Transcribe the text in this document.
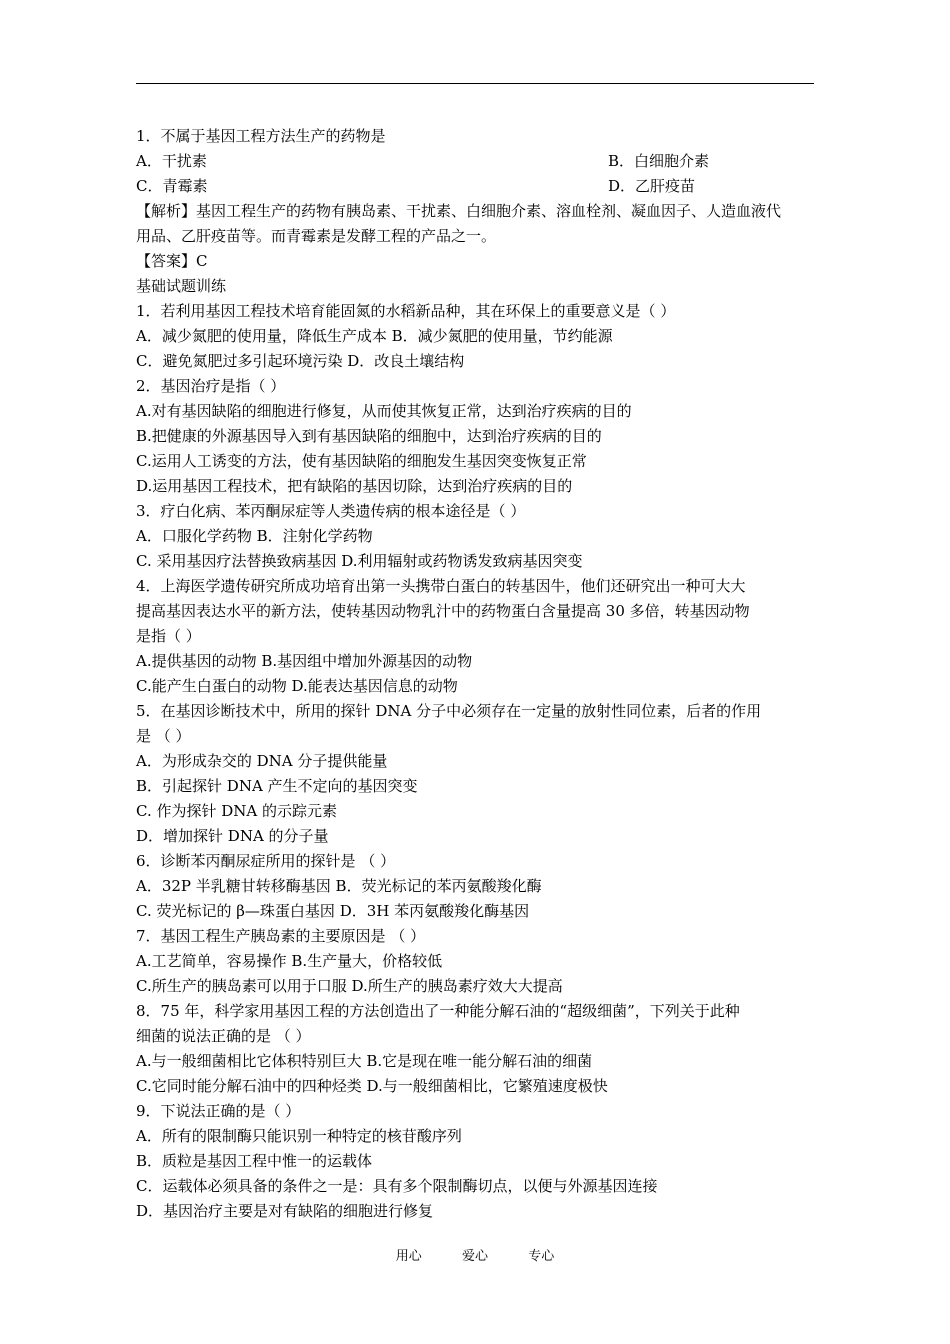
1．不属于基因工程方法生产的药物是
A．干扰素	B．白细胞介素
C．青霉素	D．乙肝疫苗
【解析】基因工程生产的药物有胰岛素、干扰素、白细胞介素、溶血栓剂、凝血因子、人造血液代
用品、乙肝疫苗等。而青霉素是发酵工程的产品之一。
【答案】C
基础试题训练
1．若利用基因工程技术培育能固氮的水稻新品种，其在环保上的重要意义是（ ）
A．减少氮肥的使用量，降低生产成本 B．减少氮肥的使用量，节约能源
C．避免氮肥过多引起环境污染 D．改良土壤结构
2．基因治疗是指（ ）
A.对有基因缺陷的细胞进行修复，从而使其恢复正常，达到治疗疾病的目的
B.把健康的外源基因导入到有基因缺陷的细胞中，达到治疗疾病的目的
C.运用人工诱变的方法，使有基因缺陷的细胞发生基因突变恢复正常
D.运用基因工程技术，把有缺陷的基因切除，达到治疗疾病的目的
3．疗白化病、苯丙酮尿症等人类遗传病的根本途径是（ ）
A．口服化学药物 B．注射化学药物
C. 采用基因疗法替换致病基因 D.利用辐射或药物诱发致病基因突变
4．上海医学遗传研究所成功培育出第一头携带白蛋白的转基因牛，他们还研究出一种可大大
提高基因表达水平的新方法，使转基因动物乳汁中的药物蛋白含量提高 30 多倍，转基因动物
是指（ ）
A.提供基因的动物 B.基因组中增加外源基因的动物
C.能产生白蛋白的动物 D.能表达基因信息的动物
5．在基因诊断技术中，所用的探针 DNA 分子中必须存在一定量的放射性同位素，后者的作用
是 （ ）
A．为形成杂交的 DNA 分子提供能量
B．引起探针 DNA 产生不定向的基因突变
C. 作为探针 DNA 的示踪元素
D．增加探针 DNA 的分子量
6．诊断苯丙酮尿症所用的探针是 （ ）
A．32P 半乳糖甘转移酶基因 B．荧光标记的苯丙氨酸羧化酶
C. 荧光标记的 β—珠蛋白基因 D．3H 苯丙氨酸羧化酶基因
7．基因工程生产胰岛素的主要原因是 （ ）
A.工艺简单，容易操作 B.生产量大，价格较低
C.所生产的胰岛素可以用于口服 D.所生产的胰岛素疗效大大提高
8．75 年，科学家用基因工程的方法创造出了一种能分解石油的“超级细菌”，下列关于此种
细菌的说法正确的是 （ ）
A.与一般细菌相比它体积特别巨大 B.它是现在唯一能分解石油的细菌
C.它同时能分解石油中的四种烃类 D.与一般细菌相比，它繁殖速度极快
9．下说法正确的是（ ）
A．所有的限制酶只能识别一种特定的核苷酸序列
B．质粒是基因工程中惟一的运载体
C．运载体必须具备的条件之一是：具有多个限制酶切点，以便与外源基因连接
D．基因治疗主要是对有缺陷的细胞进行修复
用心  爱心  专心
